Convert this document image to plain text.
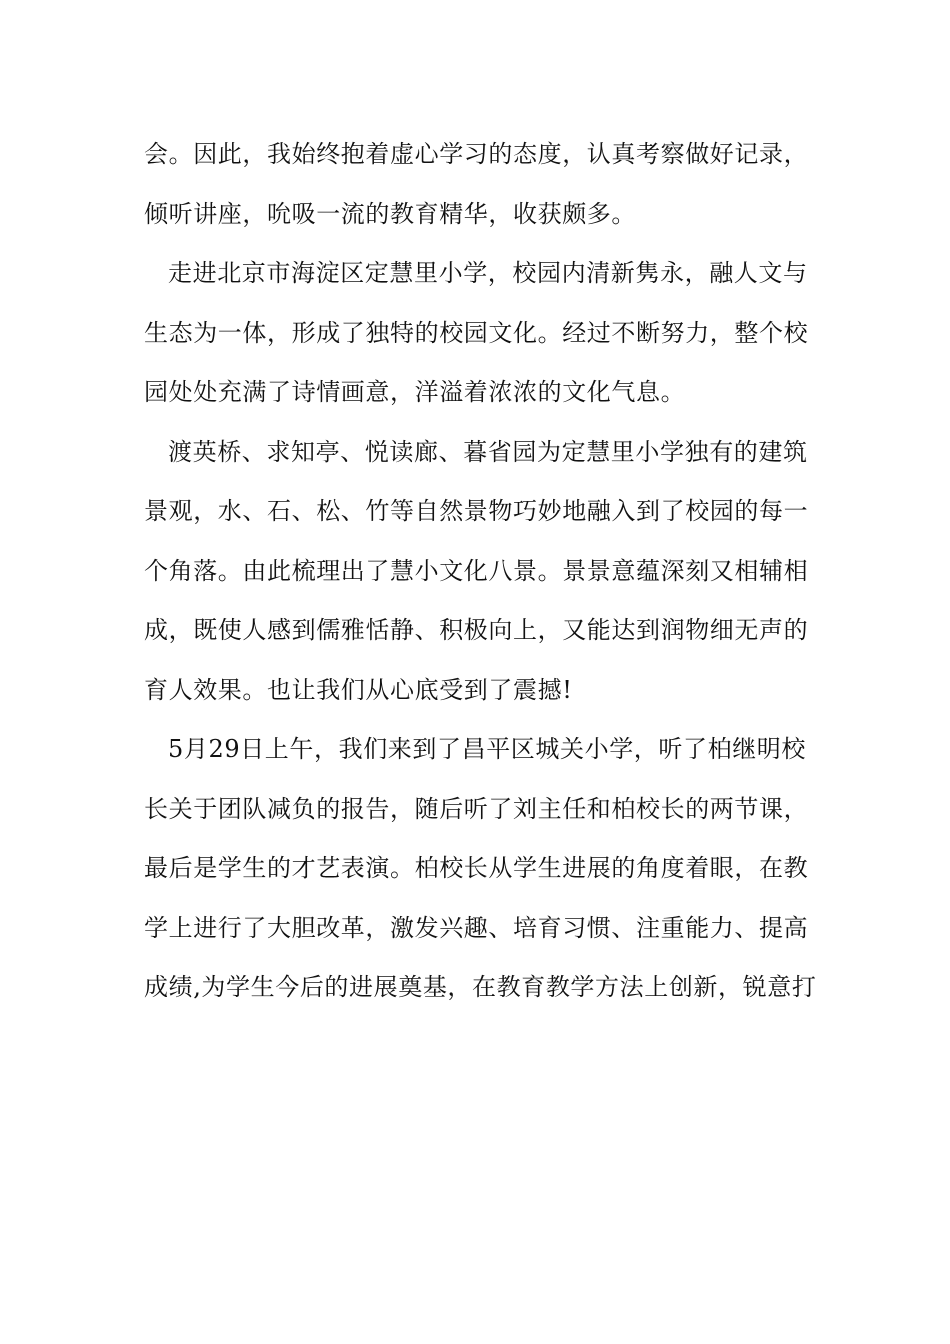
会。因此，我始终抱着虚心学习的态度，认真考察做好记录，
倾听讲座，吮吸一流的教育精华，收获颇多。
走进北京市海淀区定慧里小学，校园内清新隽永，融人文与
生态为一体，形成了独特的校园文化。经过不断努力，整个校
园处处充满了诗情画意，洋溢着浓浓的文化气息。
渡英桥、求知亭、悦读廊、暮省园为定慧里小学独有的建筑
景观，水、石、松、竹等自然景物巧妙地融入到了校园的每一
个角落。由此梳理出了慧小文化八景。景景意蕴深刻又相辅相
成，既使人感到儒雅恬静、积极向上，又能达到润物细无声的
育人效果。也让我们从心底受到了震撼!
5月29日上午，我们来到了昌平区城关小学，听了柏继明校
长关于团队减负的报告，随后听了刘主任和柏校长的两节课，
最后是学生的才艺表演。柏校长从学生进展的角度着眼，在教
学上进行了大胆改革，激发兴趣、培育习惯、注重能力、提高
成绩,为学生今后的进展奠基，在教育教学方法上创新，锐意打
